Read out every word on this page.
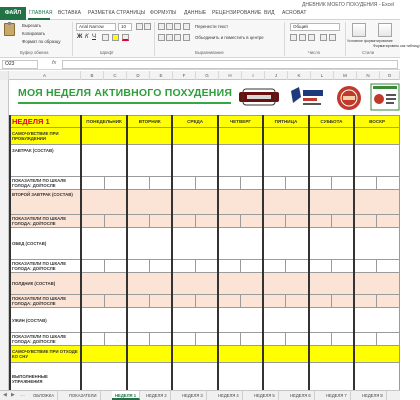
ФАЙЛ	ГЛАВНАЯ ВСТАВКА РАЗМЕТКА СТРАНИЦЫ ФОРМУЛЫ ДАННЫЕ РЕЦЕНЗИРОВАНИЕ ВИД ACROBAT
ДНЕВНИК МОЕГО ПОХУДЕНИЯ - Excel
Вырезать
Копировать
Формат по образцу
Буфер обмена
Arial Narrow	10
Ж К Ч
Шрифт
Перенести текст
Объединить и поместить в центре
Выравнивание
Общий
Число
Условное форматирование
Форматировать как таблицу
Стили
O23	fx
A	B	C	D	E	F	G	H	I	J	K	L	M	N	O
МОЯ НЕДЕЛЯ АКТИВНОГО ПОХУДЕНИЯ
НЕДЕЛЯ 1	ПОНЕДЕЛЬНИК		ВТОРНИК		СРЕДА		ЧЕТВЕРГ		ПЯТНИЦА		СУББОТА		ВОСКР	
САМОЧУВСТВИЕ ПРИ ПРОБУЖДЕНИИ														
ЗАВТРАК (СОСТАВ)														
ПОКАЗАТЕЛИ ПО ШКАЛЕ ГОЛОДА: ДО/ПОСЛЕ														
ВТОРОЙ ЗАВТРАК (СОСТАВ)														
ПОКАЗАТЕЛИ ПО ШКАЛЕ ГОЛОДА: ДО/ПОСЛЕ														
ОБЕД (СОСТАВ)														
ПОКАЗАТЕЛИ ПО ШКАЛЕ ГОЛОДА: ДО/ПОСЛЕ														
ПОЛДНИК (СОСТАВ)														
ПОКАЗАТЕЛИ ПО ШКАЛЕ ГОЛОДА: ДО/ПОСЛЕ														
УЖИН (СОСТАВ)														
ПОКАЗАТЕЛИ ПО ШКАЛЕ ГОЛОДА: ДО/ПОСЛЕ														
САМОЧУВСТВИЕ ПРИ ОТХОДЕ КО СНУ														
ВЫПОЛНЕННЫЕ УПРАЖНЕНИЯ														
◀ ▶ …	ОБЛОЖКА	ПОКАЗАТЕЛИ	НЕДЕЛЯ 1	НЕДЕЛЯ 2	НЕДЕЛЯ 3	НЕДЕЛЯ 4	НЕДЕЛЯ 5	НЕДЕЛЯ 6	НЕДЕЛЯ 7	НЕДЕЛЯ 8
